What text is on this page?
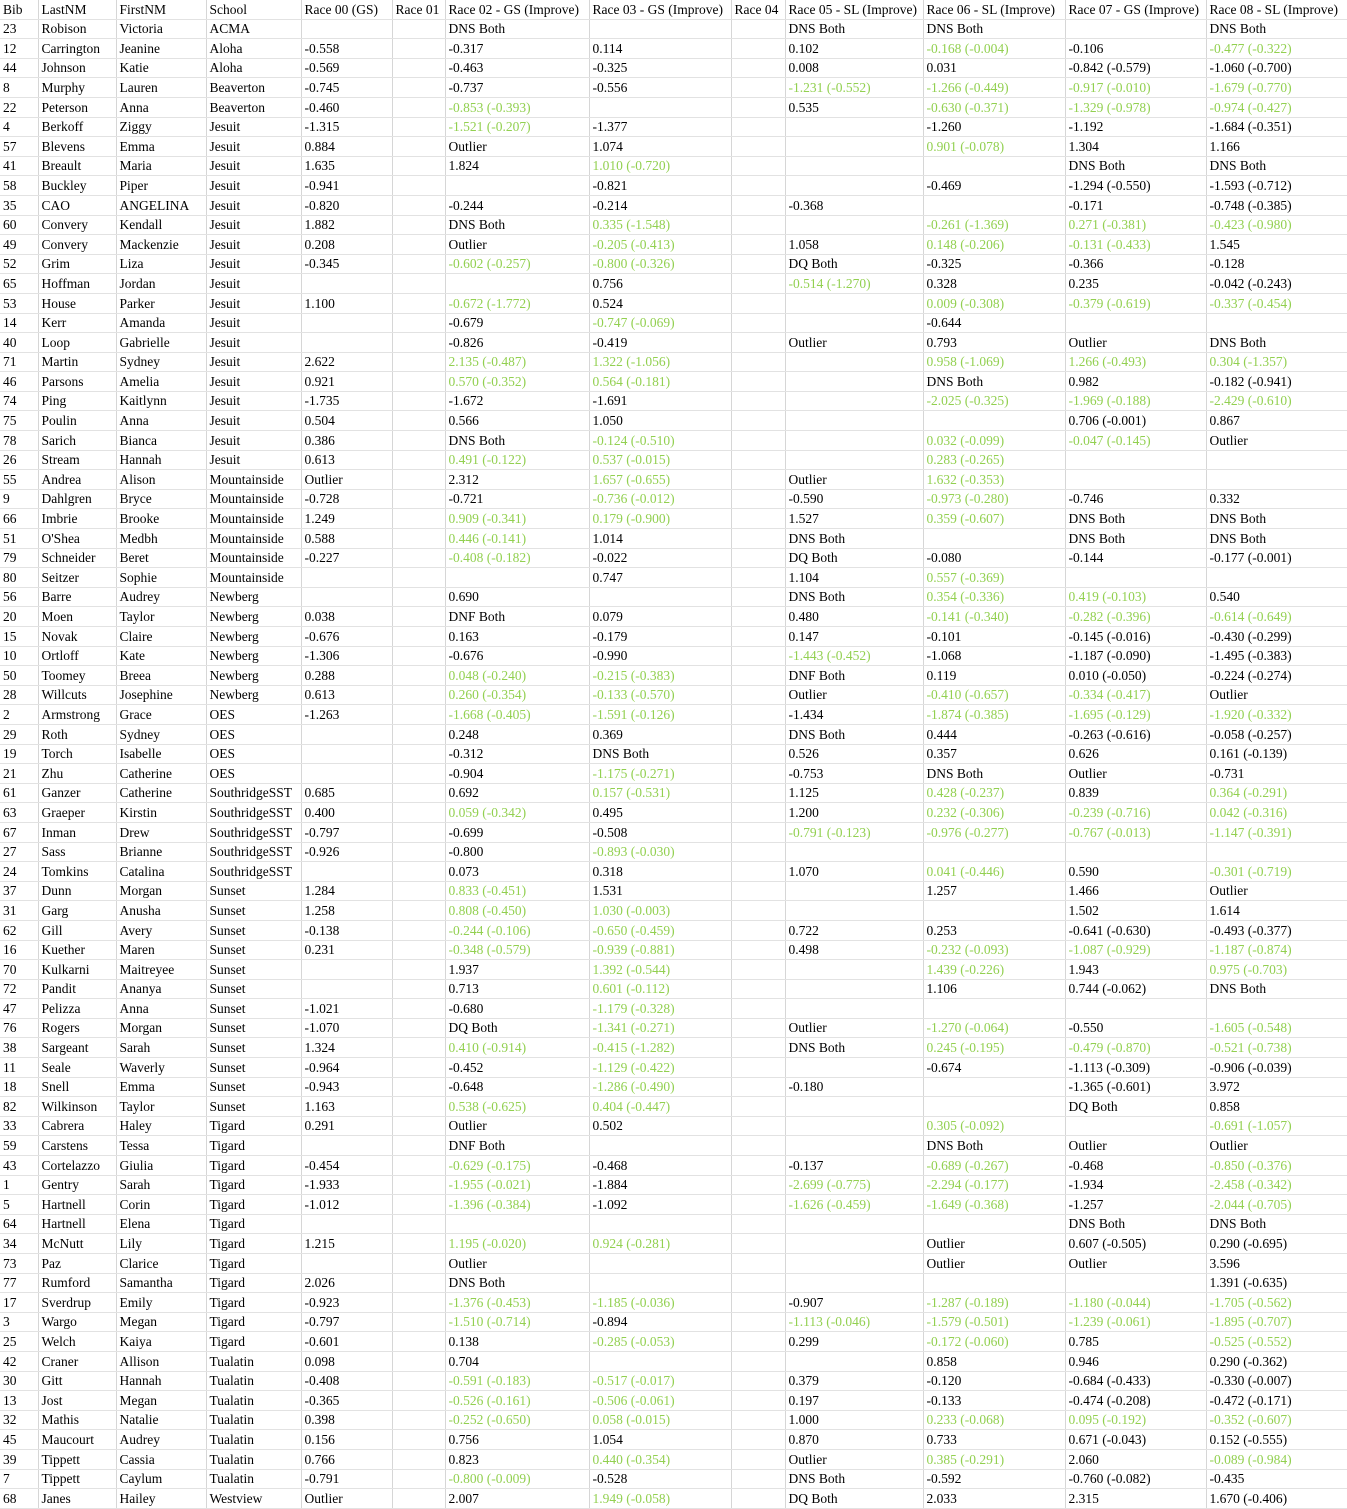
Bib	LastNM	FirstNM	School	Race 00 (GS)	Race 01	Race 02 - GS (Improve)	Race 03 - GS (Improve)	Race 04	Race 05 - SL (Improve)	Race 06 - SL (Improve)	Race 07 - GS (Improve)	Race 08 - SL (Improve)
23	Robison	Victoria	ACMA			DNS Both			DNS Both	DNS Both		DNS Both
12	Carrington	Jeanine	Aloha	-0.558		-0.317	0.114		0.102	-0.168 (-0.004)	-0.106	-0.477 (-0.322)
44	Johnson	Katie	Aloha	-0.569		-0.463	-0.325		0.008	0.031	-0.842 (-0.579)	-1.060 (-0.700)
8	Murphy	Lauren	Beaverton	-0.745		-0.737	-0.556		-1.231 (-0.552)	-1.266 (-0.449)	-0.917 (-0.010)	-1.679 (-0.770)
22	Peterson	Anna	Beaverton	-0.460		-0.853 (-0.393)			0.535	-0.630 (-0.371)	-1.329 (-0.978)	-0.974 (-0.427)
4	Berkoff	Ziggy	Jesuit	-1.315		-1.521 (-0.207)	-1.377			-1.260	-1.192	-1.684 (-0.351)
57	Blevens	Emma	Jesuit	0.884		Outlier	1.074			0.901 (-0.078)	1.304	1.166
41	Breault	Maria	Jesuit	1.635		1.824	1.010 (-0.720)				DNS Both	DNS Both
58	Buckley	Piper	Jesuit	-0.941			-0.821			-0.469	-1.294 (-0.550)	-1.593 (-0.712)
35	CAO	ANGELINA	Jesuit	-0.820		-0.244	-0.214		-0.368		-0.171	-0.748 (-0.385)
60	Convery	Kendall	Jesuit	1.882		DNS Both	0.335 (-1.548)			-0.261 (-1.369)	0.271 (-0.381)	-0.423 (-0.980)
49	Convery	Mackenzie	Jesuit	0.208		Outlier	-0.205 (-0.413)		1.058	0.148 (-0.206)	-0.131 (-0.433)	1.545
52	Grim	Liza	Jesuit	-0.345		-0.602 (-0.257)	-0.800 (-0.326)		DQ Both	-0.325	-0.366	-0.128
65	Hoffman	Jordan	Jesuit				0.756		-0.514 (-1.270)	0.328	0.235	-0.042 (-0.243)
53	House	Parker	Jesuit	1.100		-0.672 (-1.772)	0.524			0.009 (-0.308)	-0.379 (-0.619)	-0.337 (-0.454)
14	Kerr	Amanda	Jesuit			-0.679	-0.747 (-0.069)			-0.644		
40	Loop	Gabrielle	Jesuit			-0.826	-0.419		Outlier	0.793	Outlier	DNS Both
71	Martin	Sydney	Jesuit	2.622		2.135 (-0.487)	1.322 (-1.056)			0.958 (-1.069)	1.266 (-0.493)	0.304 (-1.357)
46	Parsons	Amelia	Jesuit	0.921		0.570 (-0.352)	0.564 (-0.181)			DNS Both	0.982	-0.182 (-0.941)
74	Ping	Kaitlynn	Jesuit	-1.735		-1.672	-1.691			-2.025 (-0.325)	-1.969 (-0.188)	-2.429 (-0.610)
75	Poulin	Anna	Jesuit	0.504		0.566	1.050				0.706 (-0.001)	0.867
78	Sarich	Bianca	Jesuit	0.386		DNS Both	-0.124 (-0.510)			0.032 (-0.099)	-0.047 (-0.145)	Outlier
26	Stream	Hannah	Jesuit	0.613		0.491 (-0.122)	0.537 (-0.015)			0.283 (-0.265)		
55	Andrea	Alison	Mountainside	Outlier		2.312	1.657 (-0.655)		Outlier	1.632 (-0.353)		
9	Dahlgren	Bryce	Mountainside	-0.728		-0.721	-0.736 (-0.012)		-0.590	-0.973 (-0.280)	-0.746	0.332
66	Imbrie	Brooke	Mountainside	1.249		0.909 (-0.341)	0.179 (-0.900)		1.527	0.359 (-0.607)	DNS Both	DNS Both
51	O'Shea	Medbh	Mountainside	0.588		0.446 (-0.141)	1.014		DNS Both		DNS Both	DNS Both
79	Schneider	Beret	Mountainside	-0.227		-0.408 (-0.182)	-0.022		DQ Both	-0.080	-0.144	-0.177 (-0.001)
80	Seitzer	Sophie	Mountainside				0.747		1.104	0.557 (-0.369)		
56	Barre	Audrey	Newberg			0.690			DNS Both	0.354 (-0.336)	0.419 (-0.103)	0.540
20	Moen	Taylor	Newberg	0.038		DNF Both	0.079		0.480	-0.141 (-0.340)	-0.282 (-0.396)	-0.614 (-0.649)
15	Novak	Claire	Newberg	-0.676		0.163	-0.179		0.147	-0.101	-0.145 (-0.016)	-0.430 (-0.299)
10	Ortloff	Kate	Newberg	-1.306		-0.676	-0.990		-1.443 (-0.452)	-1.068	-1.187 (-0.090)	-1.495 (-0.383)
50	Toomey	Breea	Newberg	0.288		0.048 (-0.240)	-0.215 (-0.383)		DNF Both	0.119	0.010 (-0.050)	-0.224 (-0.274)
28	Willcuts	Josephine	Newberg	0.613		0.260 (-0.354)	-0.133 (-0.570)		Outlier	-0.410 (-0.657)	-0.334 (-0.417)	Outlier
2	Armstrong	Grace	OES	-1.263		-1.668 (-0.405)	-1.591 (-0.126)		-1.434	-1.874 (-0.385)	-1.695 (-0.129)	-1.920 (-0.332)
29	Roth	Sydney	OES			0.248	0.369		DNS Both	0.444	-0.263 (-0.616)	-0.058 (-0.257)
19	Torch	Isabelle	OES			-0.312	DNS Both		0.526	0.357	0.626	0.161 (-0.139)
21	Zhu	Catherine	OES			-0.904	-1.175 (-0.271)		-0.753	DNS Both	Outlier	-0.731
61	Ganzer	Catherine	SouthridgeSST	0.685		0.692	0.157 (-0.531)		1.125	0.428 (-0.237)	0.839	0.364 (-0.291)
63	Graeper	Kirstin	SouthridgeSST	0.400		0.059 (-0.342)	0.495		1.200	0.232 (-0.306)	-0.239 (-0.716)	0.042 (-0.316)
67	Inman	Drew	SouthridgeSST	-0.797		-0.699	-0.508		-0.791 (-0.123)	-0.976 (-0.277)	-0.767 (-0.013)	-1.147 (-0.391)
27	Sass	Brianne	SouthridgeSST	-0.926		-0.800	-0.893 (-0.030)					
24	Tomkins	Catalina	SouthridgeSST			0.073	0.318		1.070	0.041 (-0.446)	0.590	-0.301 (-0.719)
37	Dunn	Morgan	Sunset	1.284		0.833 (-0.451)	1.531			1.257	1.466	Outlier
31	Garg	Anusha	Sunset	1.258		0.808 (-0.450)	1.030 (-0.003)				1.502	1.614
62	Gill	Avery	Sunset	-0.138		-0.244 (-0.106)	-0.650 (-0.459)		0.722	0.253	-0.641 (-0.630)	-0.493 (-0.377)
16	Kuether	Maren	Sunset	0.231		-0.348 (-0.579)	-0.939 (-0.881)		0.498	-0.232 (-0.093)	-1.087 (-0.929)	-1.187 (-0.874)
70	Kulkarni	Maitreyee	Sunset			1.937	1.392 (-0.544)			1.439 (-0.226)	1.943	0.975 (-0.703)
72	Pandit	Ananya	Sunset			0.713	0.601 (-0.112)			1.106	0.744 (-0.062)	DNS Both
47	Pelizza	Anna	Sunset	-1.021		-0.680	-1.179 (-0.328)					
76	Rogers	Morgan	Sunset	-1.070		DQ Both	-1.341 (-0.271)		Outlier	-1.270 (-0.064)	-0.550	-1.605 (-0.548)
38	Sargeant	Sarah	Sunset	1.324		0.410 (-0.914)	-0.415 (-1.282)		DNS Both	0.245 (-0.195)	-0.479 (-0.870)	-0.521 (-0.738)
11	Seale	Waverly	Sunset	-0.964		-0.452	-1.129 (-0.422)			-0.674	-1.113 (-0.309)	-0.906 (-0.039)
18	Snell	Emma	Sunset	-0.943		-0.648	-1.286 (-0.490)		-0.180		-1.365 (-0.601)	3.972
82	Wilkinson	Taylor	Sunset	1.163		0.538 (-0.625)	0.404 (-0.447)				DQ Both	0.858
33	Cabrera	Haley	Tigard	0.291		Outlier	0.502			0.305 (-0.092)		-0.691 (-1.057)
59	Carstens	Tessa	Tigard			DNF Both				DNS Both	Outlier	Outlier
43	Cortelazzo	Giulia	Tigard	-0.454		-0.629 (-0.175)	-0.468		-0.137	-0.689 (-0.267)	-0.468	-0.850 (-0.376)
1	Gentry	Sarah	Tigard	-1.933		-1.955 (-0.021)	-1.884		-2.699 (-0.775)	-2.294 (-0.177)	-1.934	-2.458 (-0.342)
5	Hartnell	Corin	Tigard	-1.012		-1.396 (-0.384)	-1.092		-1.626 (-0.459)	-1.649 (-0.368)	-1.257	-2.044 (-0.705)
64	Hartnell	Elena	Tigard								DNS Both	DNS Both
34	McNutt	Lily	Tigard	1.215		1.195 (-0.020)	0.924 (-0.281)			Outlier	0.607 (-0.505)	0.290 (-0.695)
73	Paz	Clarice	Tigard			Outlier				Outlier	Outlier	3.596
77	Rumford	Samantha	Tigard	2.026		DNS Both						1.391 (-0.635)
17	Sverdrup	Emily	Tigard	-0.923		-1.376 (-0.453)	-1.185 (-0.036)		-0.907	-1.287 (-0.189)	-1.180 (-0.044)	-1.705 (-0.562)
3	Wargo	Megan	Tigard	-0.797		-1.510 (-0.714)	-0.894		-1.113 (-0.046)	-1.579 (-0.501)	-1.239 (-0.061)	-1.895 (-0.707)
25	Welch	Kaiya	Tigard	-0.601		0.138	-0.285 (-0.053)		0.299	-0.172 (-0.060)	0.785	-0.525 (-0.552)
42	Craner	Allison	Tualatin	0.098		0.704				0.858	0.946	0.290 (-0.362)
30	Gitt	Hannah	Tualatin	-0.408		-0.591 (-0.183)	-0.517 (-0.017)		0.379	-0.120	-0.684 (-0.433)	-0.330 (-0.007)
13	Jost	Megan	Tualatin	-0.365		-0.526 (-0.161)	-0.506 (-0.061)		0.197	-0.133	-0.474 (-0.208)	-0.472 (-0.171)
32	Mathis	Natalie	Tualatin	0.398		-0.252 (-0.650)	0.058 (-0.015)		1.000	0.233 (-0.068)	0.095 (-0.192)	-0.352 (-0.607)
45	Maucourt	Audrey	Tualatin	0.156		0.756	1.054		0.870	0.733	0.671 (-0.043)	0.152 (-0.555)
39	Tippett	Cassia	Tualatin	0.766		0.823	0.440 (-0.354)		Outlier	0.385 (-0.291)	2.060	-0.089 (-0.984)
7	Tippett	Caylum	Tualatin	-0.791		-0.800 (-0.009)	-0.528		DNS Both	-0.592	-0.760 (-0.082)	-0.435
68	Janes	Hailey	Westview	Outlier		2.007	1.949 (-0.058)		DQ Both	2.033	2.315	1.670 (-0.406)
